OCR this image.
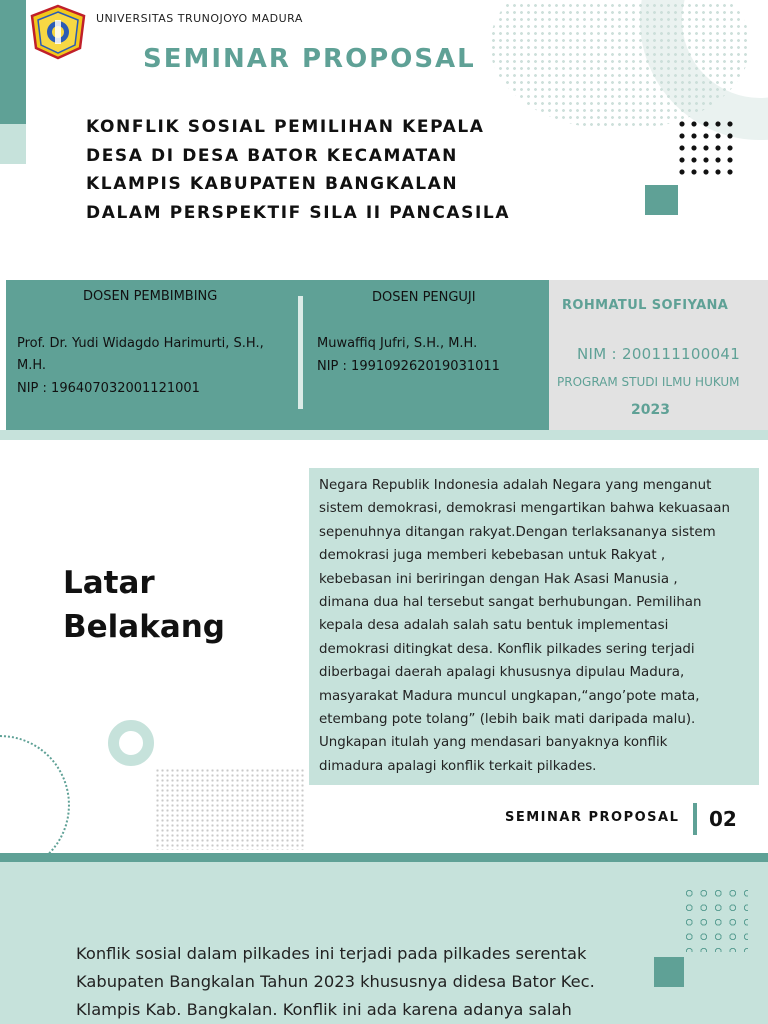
UNIVERSITAS TRUNOJOYO MADURA
SEMINAR PROPOSAL
KONFLIK SOSIAL PEMILIHAN KEPALA
DESA DI DESA BATOR KECAMATAN
KLAMPIS KABUPATEN BANGKALAN
DALAM PERSPEKTIF SILA II PANCASILA
DOSEN PEMBIMBING
Prof. Dr. Yudi Widagdo Harimurti, S.H.,
M.H.
NIP : 196407032001121001
DOSEN PENGUJI
Muwaffiq Jufri, S.H., M.H.
NIP : 199109262019031011
ROHMATUL SOFIYANA
NIM : 200111100041
PROGRAM STUDI ILMU HUKUM
2023
Latar
Belakang
Negara Republik Indonesia adalah Negara yang menganut
sistem demokrasi, demokrasi mengartikan bahwa kekuasaan
sepenuhnya ditangan rakyat.Dengan terlaksananya sistem
demokrasi juga memberi kebebasan untuk Rakyat ,
kebebasan ini beriringan dengan Hak Asasi Manusia ,
dimana dua hal tersebut sangat berhubungan. Pemilihan
kepala desa adalah salah satu bentuk implementasi
demokrasi ditingkat desa. Konflik pilkades sering terjadi
diberbagai daerah apalagi khususnya dipulau Madura,
masyarakat Madura muncul ungkapan,“ango’pote mata,
etembang pote tolang” (lebih baik mati daripada malu).
Ungkapan itulah yang mendasari banyaknya konflik
dimadura apalagi konflik terkait pilkades.
SEMINAR PROPOSAL 02
Konflik sosial dalam pilkades ini terjadi pada pilkades serentak
Kabupaten Bangkalan Tahun 2023 khususnya didesa Bator Kec.
Klampis Kab. Bangkalan. Konflik ini ada karena adanya salah
